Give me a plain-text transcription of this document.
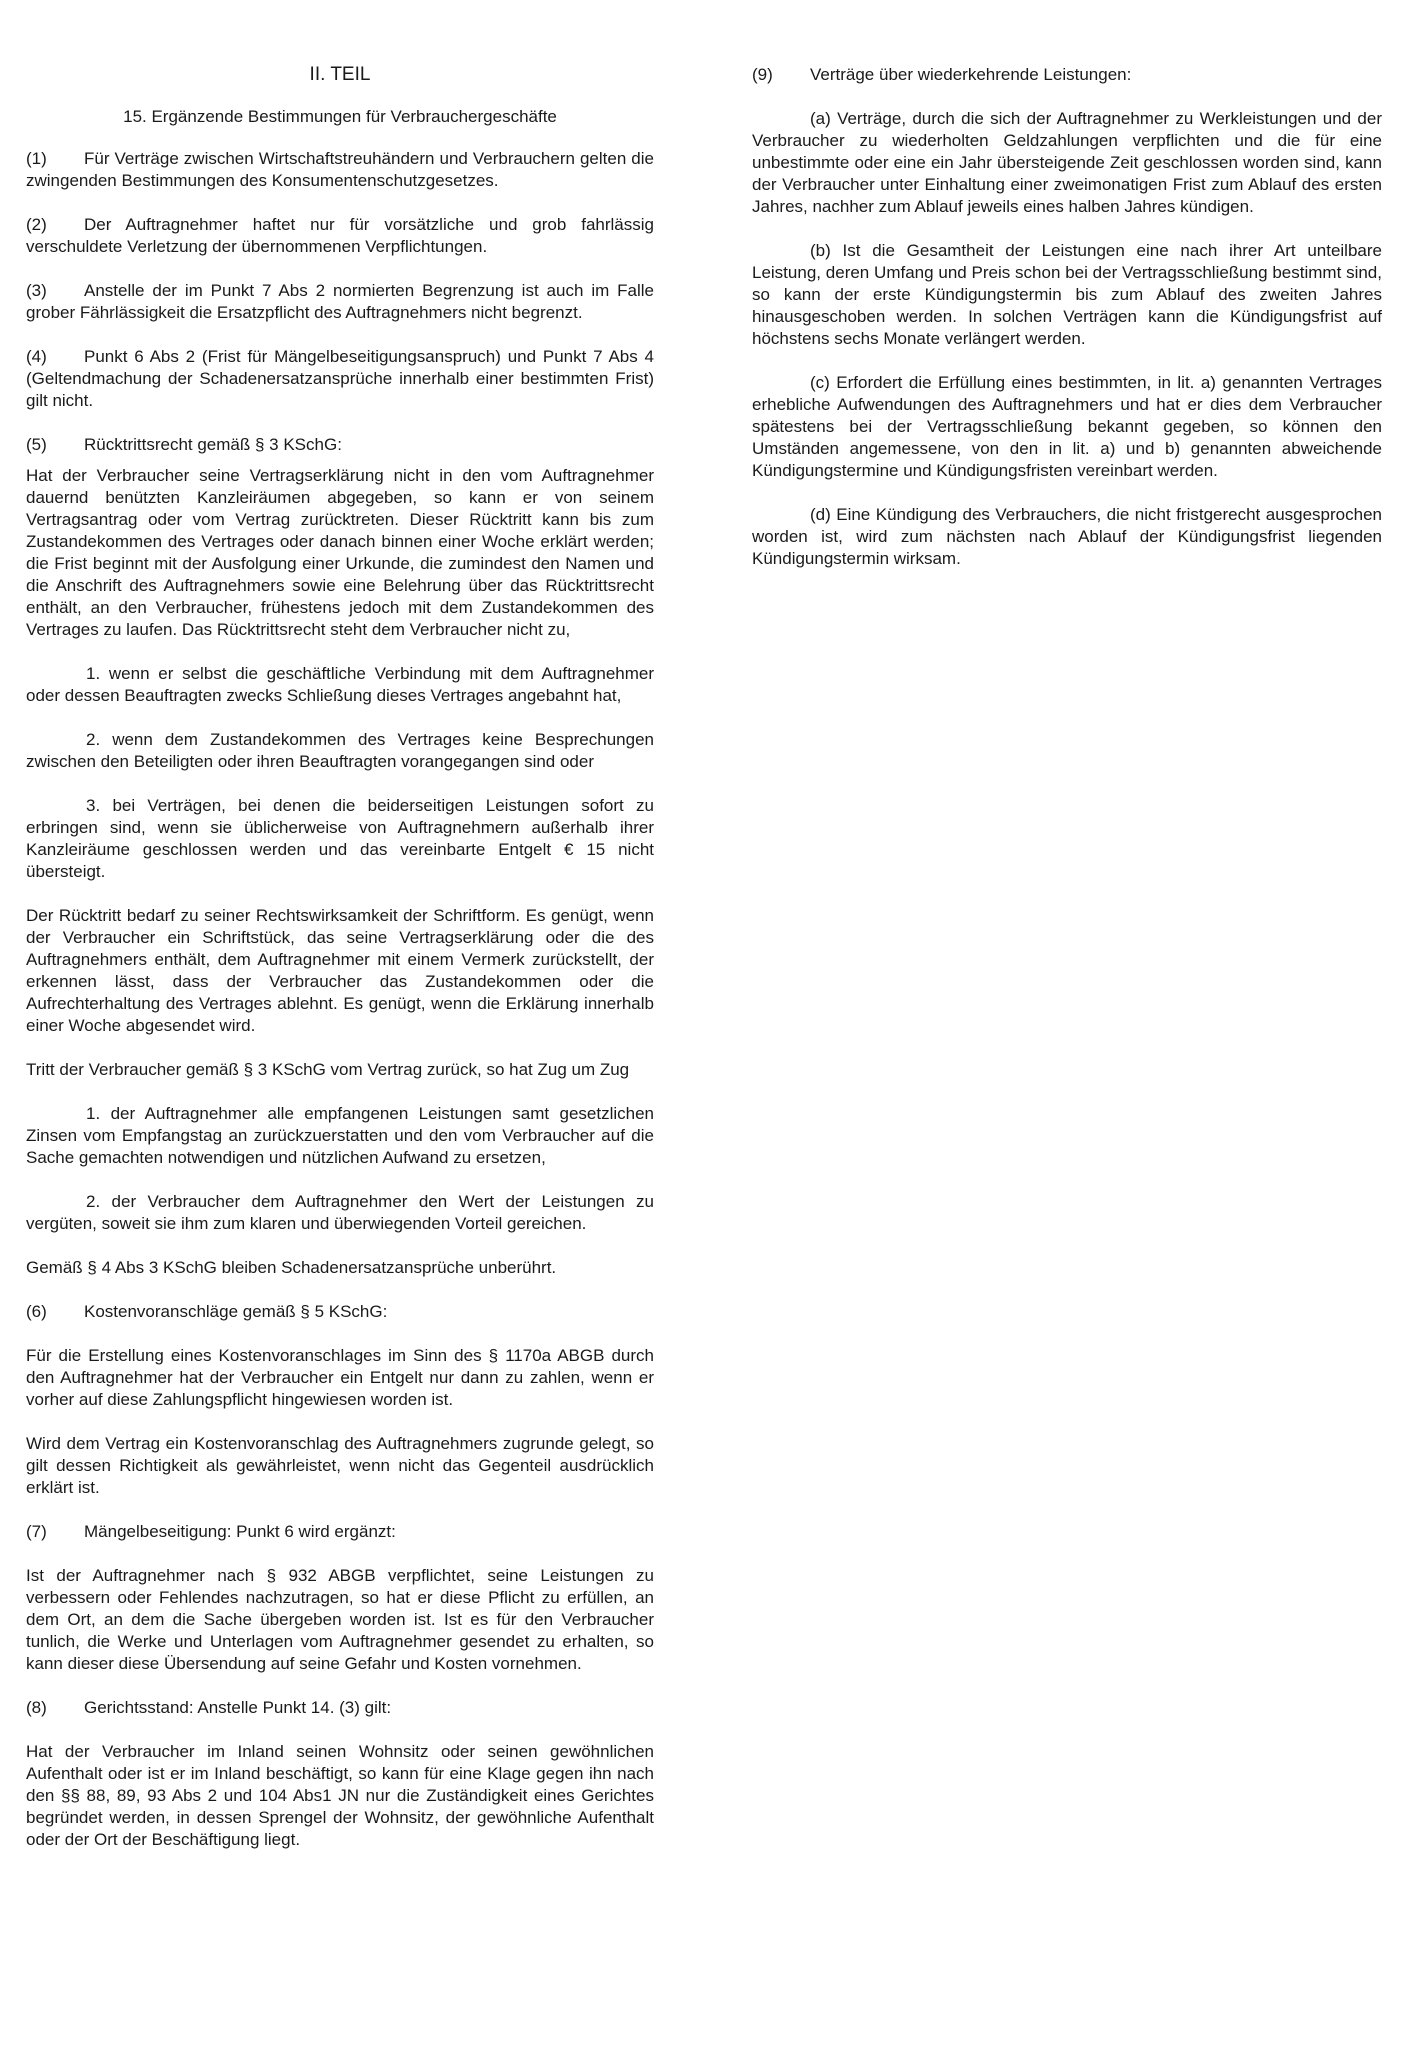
II. TEIL
15. Ergänzende Bestimmungen für Verbrauchergeschäfte

(1) Für Verträge zwischen Wirtschaftstreuhändern und Verbrauchern gelten die zwingenden Bestimmungen des Konsumentenschutzgesetzes.

(2) Der Auftragnehmer haftet nur für vorsätzliche und grob fahrlässig verschuldete Verletzung der übernommenen Verpflichtungen.

(3) Anstelle der im Punkt 7 Abs 2 normierten Begrenzung ist auch im Falle grober Fährlässigkeit die Ersatzpflicht des Auftragnehmers nicht begrenzt.

(4) Punkt 6 Abs 2 (Frist für Mängelbeseitigungsanspruch) und Punkt 7 Abs 4 (Geltendmachung der Schadenersatzansprüche innerhalb einer bestimmten Frist) gilt nicht.

(5) Rücktrittsrecht gemäß § 3 KSchG:

Hat der Verbraucher seine Vertragserklärung nicht in den vom Auftragnehmer dauernd benützten Kanzleiräumen abgegeben, so kann er von seinem Vertragsantrag oder vom Vertrag zurücktreten. Dieser Rücktritt kann bis zum Zustandekommen des Vertrages oder danach binnen einer Woche erklärt werden; die Frist beginnt mit der Ausfolgung einer Urkunde, die zumindest den Namen und die Anschrift des Auftragnehmers sowie eine Belehrung über das Rücktrittsrecht enthält, an den Verbraucher, frühestens jedoch mit dem Zustandekommen des Vertrages zu laufen. Das Rücktrittsrecht steht dem Verbraucher nicht zu,

1. wenn er selbst die geschäftliche Verbindung mit dem Auftragnehmer oder dessen Beauftragten zwecks Schließung dieses Vertrages angebahnt hat,

2. wenn dem Zustandekommen des Vertrages keine Besprechungen zwischen den Beteiligten oder ihren Beauftragten vorangegangen sind oder

3. bei Verträgen, bei denen die beiderseitigen Leistungen sofort zu erbringen sind, wenn sie üblicherweise von Auftragnehmern außerhalb ihrer Kanzleiräume geschlossen werden und das vereinbarte Entgelt € 15 nicht übersteigt.

Der Rücktritt bedarf zu seiner Rechtswirksamkeit der Schriftform. Es genügt, wenn der Verbraucher ein Schriftstück, das seine Vertragserklärung oder die des Auftragnehmers enthält, dem Auftragnehmer mit einem Vermerk zurückstellt, der erkennen lässt, dass der Verbraucher das Zustandekommen oder die Aufrechterhaltung des Vertrages ablehnt. Es genügt, wenn die Erklärung innerhalb einer Woche abgesendet wird.

Tritt der Verbraucher gemäß § 3 KSchG vom Vertrag zurück, so hat Zug um Zug

1. der Auftragnehmer alle empfangenen Leistungen samt gesetzlichen Zinsen vom Empfangstag an zurückzuerstatten und den vom Verbraucher auf die Sache gemachten notwendigen und nützlichen Aufwand zu ersetzen,

2. der Verbraucher dem Auftragnehmer den Wert der Leistungen zu vergüten, soweit sie ihm zum klaren und überwiegenden Vorteil gereichen.

Gemäß § 4 Abs 3 KSchG bleiben Schadenersatzansprüche unberührt.

(6) Kostenvoranschläge gemäß § 5 KSchG:

Für die Erstellung eines Kostenvoranschlages im Sinn des § 1170a ABGB durch den Auftragnehmer hat der Verbraucher ein Entgelt nur dann zu zahlen, wenn er vorher auf diese Zahlungspflicht hingewiesen worden ist.

Wird dem Vertrag ein Kostenvoranschlag des Auftragnehmers zugrunde gelegt, so gilt dessen Richtigkeit als gewährleistet, wenn nicht das Gegenteil ausdrücklich erklärt ist.

(7) Mängelbeseitigung: Punkt 6 wird ergänzt:

Ist der Auftragnehmer nach § 932 ABGB verpflichtet, seine Leistungen zu verbessern oder Fehlendes nachzutragen, so hat er diese Pflicht zu erfüllen, an dem Ort, an dem die Sache übergeben worden ist. Ist es für den Verbraucher tunlich, die Werke und Unterlagen vom Auftragnehmer gesendet zu erhalten, so kann dieser diese Übersendung auf seine Gefahr und Kosten vornehmen.

(8) Gerichtsstand: Anstelle Punkt 14. (3) gilt:

Hat der Verbraucher im Inland seinen Wohnsitz oder seinen gewöhnlichen Aufenthalt oder ist er im Inland beschäftigt, so kann für eine Klage gegen ihn nach den §§ 88, 89, 93 Abs 2 und 104 Abs1 JN nur die Zuständigkeit eines Gerichtes begründet werden, in dessen Sprengel der Wohnsitz, der gewöhnliche Aufenthalt oder der Ort der Beschäftigung liegt.

(9) Verträge über wiederkehrende Leistungen:

(a) Verträge, durch die sich der Auftragnehmer zu Werkleistungen und der Verbraucher zu wiederholten Geldzahlungen verpflichten und die für eine unbestimmte oder eine ein Jahr übersteigende Zeit geschlossen worden sind, kann der Verbraucher unter Einhaltung einer zweimonatigen Frist zum Ablauf des ersten Jahres, nachher zum Ablauf jeweils eines halben Jahres kündigen.

(b) Ist die Gesamtheit der Leistungen eine nach ihrer Art unteilbare Leistung, deren Umfang und Preis schon bei der Vertragsschließung bestimmt sind, so kann der erste Kündigungstermin bis zum Ablauf des zweiten Jahres hinausgeschoben werden. In solchen Verträgen kann die Kündigungsfrist auf höchstens sechs Monate verlängert werden.

(c) Erfordert die Erfüllung eines bestimmten, in lit. a) genannten Vertrages erhebliche Aufwendungen des Auftragnehmers und hat er dies dem Verbraucher spätestens bei der Vertragsschließung bekannt gegeben, so können den Umständen angemessene, von den in lit. a) und b) genannten abweichende Kündigungstermine und Kündigungsfristen vereinbart werden.

(d) Eine Kündigung des Verbrauchers, die nicht fristgerecht ausgesprochen worden ist, wird zum nächsten nach Ablauf der Kündigungsfrist liegenden Kündigungstermin wirksam.
